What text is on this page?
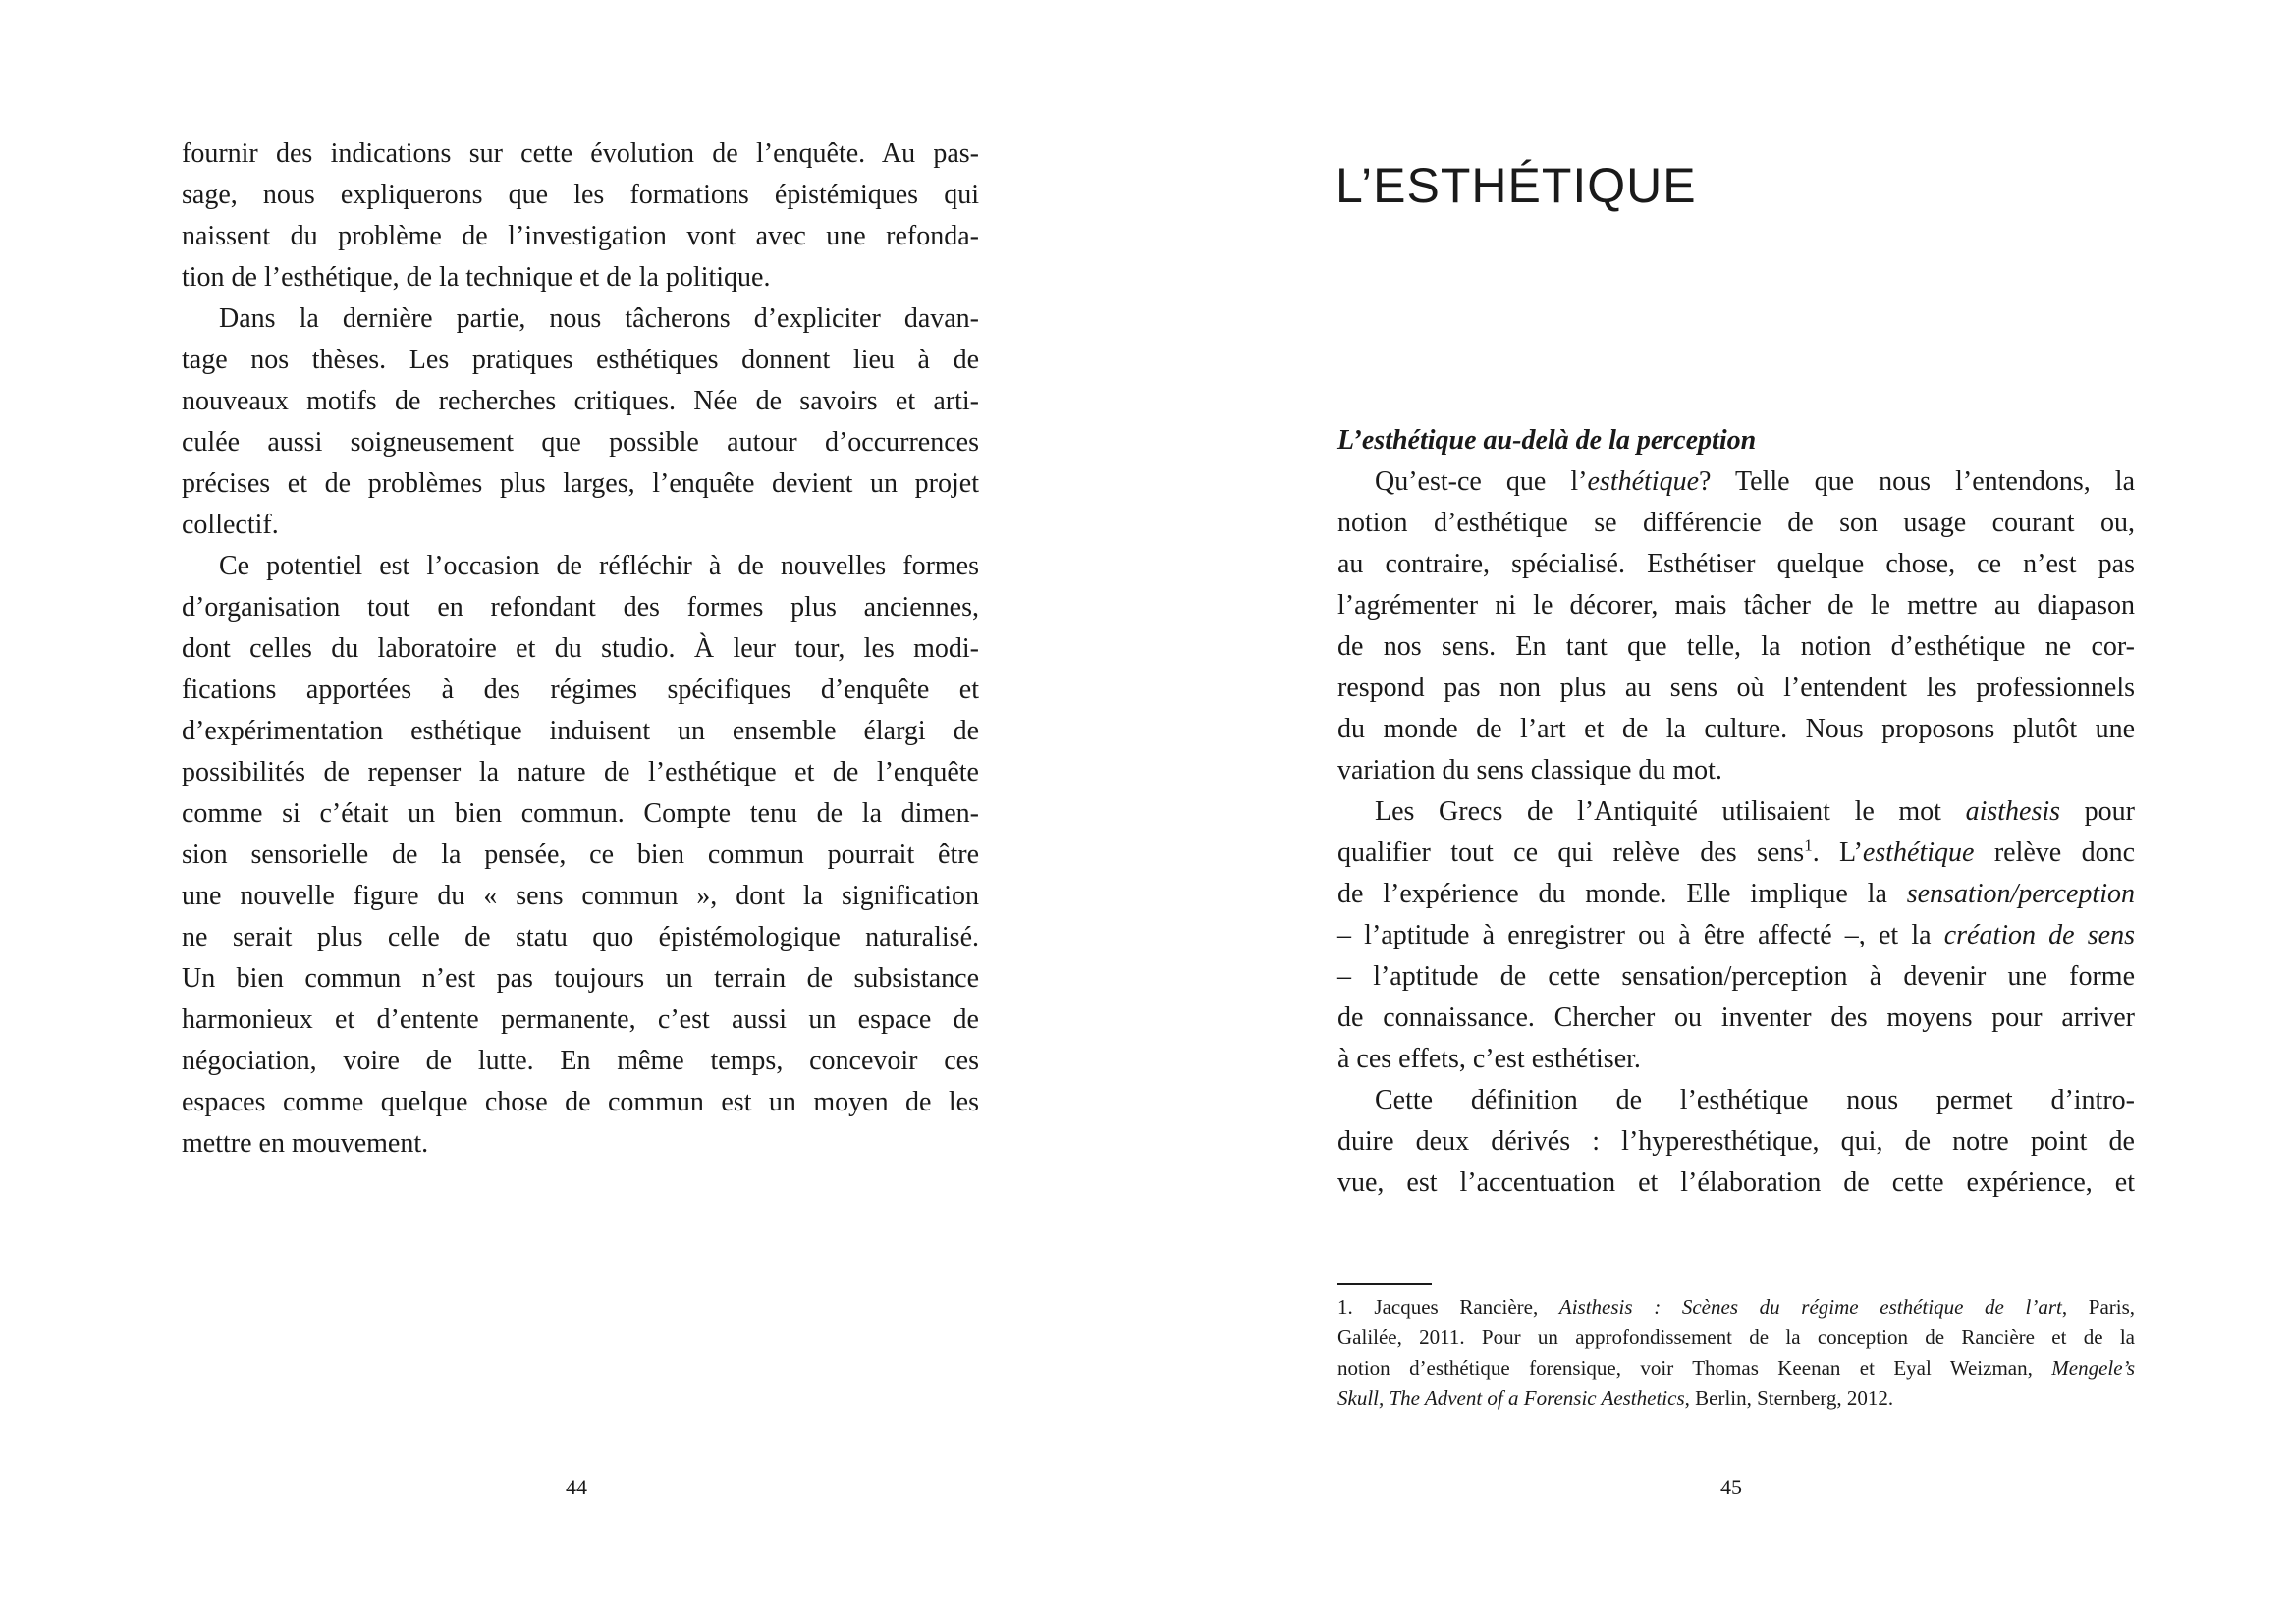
fournir des indications sur cette évolution de l’enquête. Au pas-
sage, nous expliquerons que les formations épistémiques qui
naissent du problème de l’investigation vont avec une refonda-
tion de l’esthétique, de la technique et de la politique.
Dans la dernière partie, nous tâcherons d’expliciter davan-
tage nos thèses. Les pratiques esthétiques donnent lieu à de
nouveaux motifs de recherches critiques. Née de savoirs et arti-
culée aussi soigneusement que possible autour d’occurrences
précises et de problèmes plus larges, l’enquête devient un projet
collectif.
Ce potentiel est l’occasion de réfléchir à de nouvelles formes
d’organisation tout en refondant des formes plus anciennes,
dont celles du laboratoire et du studio. À leur tour, les modi-
fications apportées à des régimes spécifiques d’enquête et
d’expérimentation esthétique induisent un ensemble élargi de
possibilités de repenser la nature de l’esthétique et de l’enquête
comme si c’était un bien commun. Compte tenu de la dimen-
sion sensorielle de la pensée, ce bien commun pourrait être
une nouvelle figure du « sens commun », dont la signification
ne serait plus celle de statu quo épistémologique naturalisé.
Un bien commun n’est pas toujours un terrain de subsistance
harmonieux et d’entente permanente, c’est aussi un espace de
négociation, voire de lutte. En même temps, concevoir ces
espaces comme quelque chose de commun est un moyen de les
mettre en mouvement.
44
L’ESTHÉTIQUE
L’esthétique au-delà de la perception
Qu’est-ce que l’esthétique? Telle que nous l’entendons, la
notion d’esthétique se différencie de son usage courant ou,
au contraire, spécialisé. Esthétiser quelque chose, ce n’est pas
l’agrémenter ni le décorer, mais tâcher de le mettre au diapason
de nos sens. En tant que telle, la notion d’esthétique ne cor-
respond pas non plus au sens où l’entendent les professionnels
du monde de l’art et de la culture. Nous proposons plutôt une
variation du sens classique du mot.
Les Grecs de l’Antiquité utilisaient le mot aisthesis pour
qualifier tout ce qui relève des sens$^1$. L’esthétique relève donc
de l’expérience du monde. Elle implique la sensation/perception
– l’aptitude à enregistrer ou à être affecté –, et la création de sens
– l’aptitude de cette sensation/perception à devenir une forme
de connaissance. Chercher ou inventer des moyens pour arriver
à ces effets, c’est esthétiser.
Cette définition de l’esthétique nous permet d’intro-
duire deux dérivés : l’hyperesthétique, qui, de notre point de
vue, est l’accentuation et l’élaboration de cette expérience, et
1. Jacques Rancière, Aisthesis : Scènes du régime esthétique de l’art, Paris,
Galilée, 2011. Pour un approfondissement de la conception de Rancière et de la
notion d’esthétique forensique, voir Thomas Keenan et Eyal Weizman, Mengele’s
Skull, The Advent of a Forensic Aesthetics, Berlin, Sternberg, 2012.
45
